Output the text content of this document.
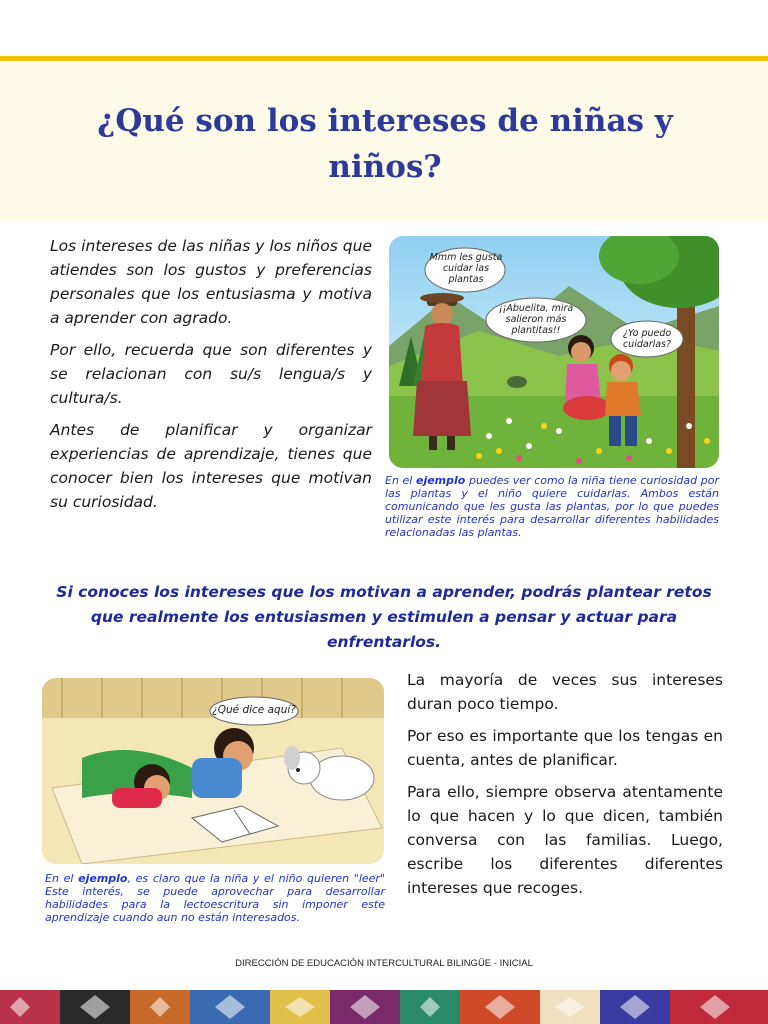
¿Qué son los intereses de niñas y niños?

Los intereses de las niñas y los niños que atiendes son los gustos y preferencias personales que los entusiasma y motiva a aprender con agrado.

Por ello, recuerda que son diferentes y se relacionan con su/s lengua/s y cultura/s.

Antes de planificar y organizar experiencias de aprendizaje, tienes que conocer bien los intereses que motivan su curiosidad.

Mmm les gusta cuidar las plantas
¡¡Abuelita, mira salieron más plantitas!!	¿Yo puedo cuidarlas?
En el ejemplo puedes ver como la niña tiene curiosidad por las plantas y el niño quiere cuidarlas. Ambos están comunicando que les gusta las plantas, por lo que puedes utilizar este interés para desarrollar diferentes habilidades relacionadas las plantas.
Si conoces los intereses que los motivan a aprender, podrás plantear retos que realmente los entusiasmen y estimulen a pensar y actuar para enfrentarlos.
¿Qué dice aquí?
En el ejemplo, es claro que la niña y el niño quieren "leer" Este interés, se puede aprovechar para desarrollar habilidades para la lectoescritura sin imponer este aprendizaje cuando aun no están interesados.

La mayoría de veces sus intereses duran poco tiempo.

Por eso es importante que los tengas en cuenta, antes de planificar.

Para ello, siempre observa atentamente lo que hacen y lo que dicen, también conversa con las familias. Luego, escribe los diferentes diferentes intereses que recoges.

DIRECCIÓN DE EDUCACIÓN INTERCULTURAL BILINGÜE - INICIAL
